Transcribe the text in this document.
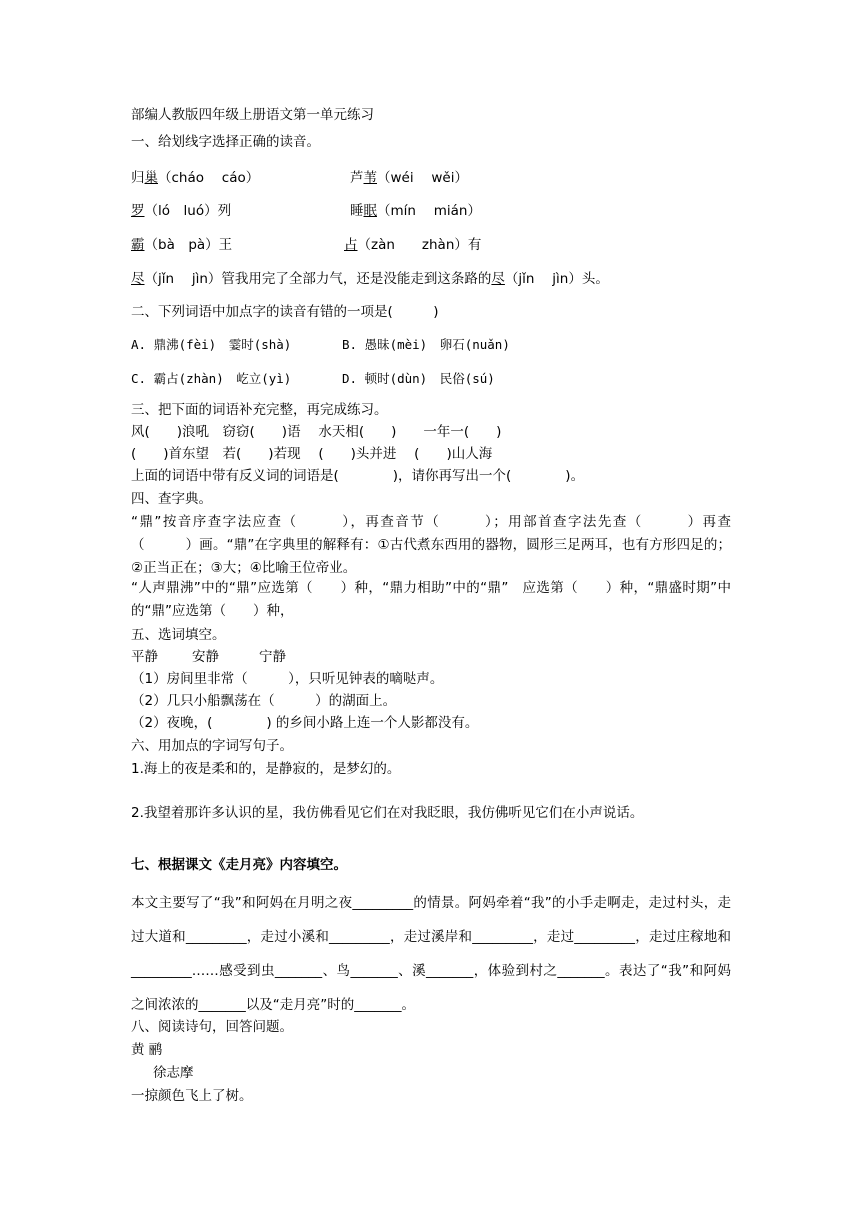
部编人教版四年级上册语文第一单元练习
一、给划线字选择正确的读音。
归巢（cháo　 cáo）	芦苇（wéi　 wěi）
罗（ló　luó）列	睡眠（mín　 mián）
霸（bà　pà）王	占（zàn　　zhàn）有
尽（jǐn　 jìn）管我用完了全部力气，还是没能走到这条路的尽（jǐn　 jìn）头。
二、下列词语中加点字的读音有错的一项是(　　　)
A. 鼎沸(fèi)　霎时(shà)	B. 愚昧(mèi)　卵石(nuǎn)
C. 霸占(zhàn)　屹立(yì)	D. 顿时(dùn)　民俗(sú)
三、把下面的词语补充完整，再完成练习。
风(　　)浪吼　窃窃(　　)语　 水天相(　　)　　一年一(　　)
(　　)首东望　若(　　)若现　 (　　)头并进　 (　　)山人海
上面的词语中带有反义词的词语是(　　　　)，请你再写出一个(　　　　)。
四、查字典。
“鼎”按音序查字法应查（　　　），再查音节（　　　）；用部首查字法先查（　　　）再查（　　　）画。“鼎”在字典里的解释有：①古代煮东西用的器物，圆形三足两耳，也有方形四足的；②正当正在；③大；④比喻王位帝业。
“人声鼎沸”中的“鼎”应选第（　　）种，“鼎力相助”中的“鼎”　应选第（　　）种，“鼎盛时期”中的“鼎”应选第（　　）种，
五、选词填空。
平静	安静	宁静
（1）房间里非常（　　　），只听见钟表的嘀哒声。
（2）几只小船飘荡在（　　　）的湖面上。
（2）夜晚，(　　　　) 的乡间小路上连一个人影都没有。
六、用加点的字词写句子。
1.海上的夜是柔和的，是静寂的，是梦幻的。
2.我望着那许多认识的星，我仿佛看见它们在对我眨眼，我仿佛听见它们在小声说话。
七、根据课文《走月亮》内容填空。
本文主要写了“我”和阿妈在月明之夜_________的情景。阿妈牵着“我”的小手走啊走，走过村头，走过大道和_________，走过小溪和_________，走过溪岸和_________，走过_________，走过庄稼地和_________……感受到虫_______、鸟_______、溪_______，体验到村之_______。表达了“我”和阿妈之间浓浓的_______以及“走月亮”时的_______。
八、阅读诗句，回答问题。
黄 鹂
徐志摩
一掠颜色飞上了树。
